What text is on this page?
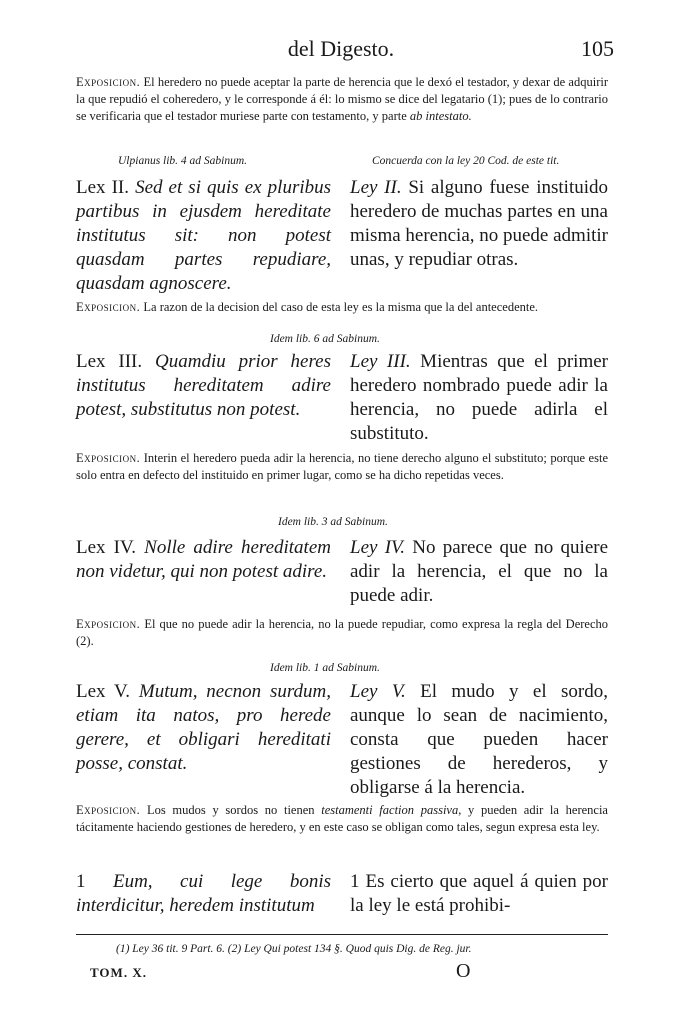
del Digesto.	105
Exposicion. El heredero no puede aceptar la parte de herencia que le dexó el testador, y dexar de adquirir la que repudió el coheredero, y le corresponde á él: lo mismo se dice del legatario (1); pues de lo contrario se verificaria que el testador muriese parte con testamento, y parte ab intestato.
Ulpianus lib. 4 ad Sabinum.	Concuerda con la ley 20 Cod. de este tit.
Lex II. Sed et si quis ex pluribus partibus in ejusdem hereditate institutus sit: non potest quasdam partes repudiare, quasdam agnoscere.
Ley II. Si alguno fuese instituido heredero de muchas partes en una misma herencia, no puede admitir unas, y repudiar otras.
Exposicion. La razon de la decision del caso de esta ley es la misma que la del antecedente.
Idem lib. 6 ad Sabinum.
Lex III. Quamdiu prior heres institutus hereditatem adire potest, substitutus non potest.
Ley III. Mientras que el primer heredero nombrado puede adir la herencia, no puede adirla el substituto.
Exposicion. Interin el heredero pueda adir la herencia, no tiene derecho alguno el substituto; porque este solo entra en defecto del instituido en primer lugar, como se ha dicho repetidas veces.
Idem lib. 3 ad Sabinum.
Lex IV. Nolle adire hereditatem non videtur, qui non potest adire.
Ley IV. No parece que no quiere adir la herencia, el que no la puede adir.
Exposicion. El que no puede adir la herencia, no la puede repudiar, como expresa la regla del Derecho (2).
Idem lib. 1 ad Sabinum.
Lex V. Mutum, necnon surdum, etiam ita natos, pro herede gerere, et obligari hereditati posse, constat.
Ley V. El mudo y el sordo, aunque lo sean de nacimiento, consta que pueden hacer gestiones de herederos, y obligarse á la herencia.
Exposicion. Los mudos y sordos no tienen testamenti faction passiva, y pueden adir la herencia tácitamente haciendo gestiones de heredero, y en este caso se obligan como tales, segun expresa esta ley.
1 Eum, cui lege bonis interdicitur, heredem institutum
1 Es cierto que aquel á quien por la ley le está prohibi-
(1) Ley 36 tit. 9 Part. 6. (2) Ley Qui potest 134 §. Quod quis Dig. de Reg. jur.
TOM. X.	O
